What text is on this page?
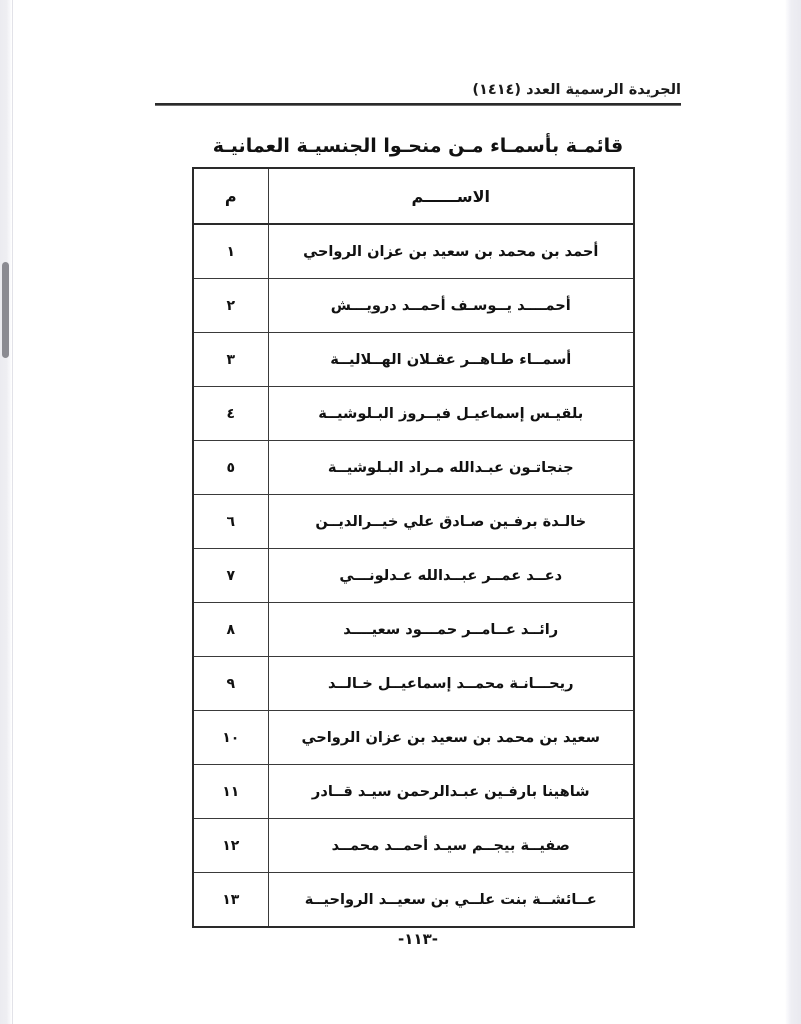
الجريدة الرسمية العدد (١٤١٤)
قائمـة بأسمـاء مـن منحـوا الجنسيـة العمانيـة
الاســــــم	م
أحمد بن محمد بن سعيد بن عزان الرواحي	١
أحمــــد يــوسـف أحمــد درويـــش	٢
أسمــاء طـاهــر عقـلان الهــلاليــة	٣
بلقيـس إسماعيـل فيــروز البـلوشيــة	٤
جنجاتـون عبـدالله مـراد البـلوشيــة	٥
خالـدة برفـين صـادق علي خيــرالديــن	٦
دعــد عمــر عبــدالله عـدلونـــي	٧
رائــد عــامــر حمـــود سعيــــد	٨
ريحـــانـة محمــد إسماعيــل خـالــد	٩
سعيد بن محمد بن سعيد بن عزان الرواحي	١٠
شاهينا بارفـين عبـدالرحمن سيـد قــادر	١١
صفيــة بيجــم سيـد أحمــد محمــد	١٢
عــائشــة بنت علــي بن سعيــد الرواحيــة	١٣
-١١٣-
